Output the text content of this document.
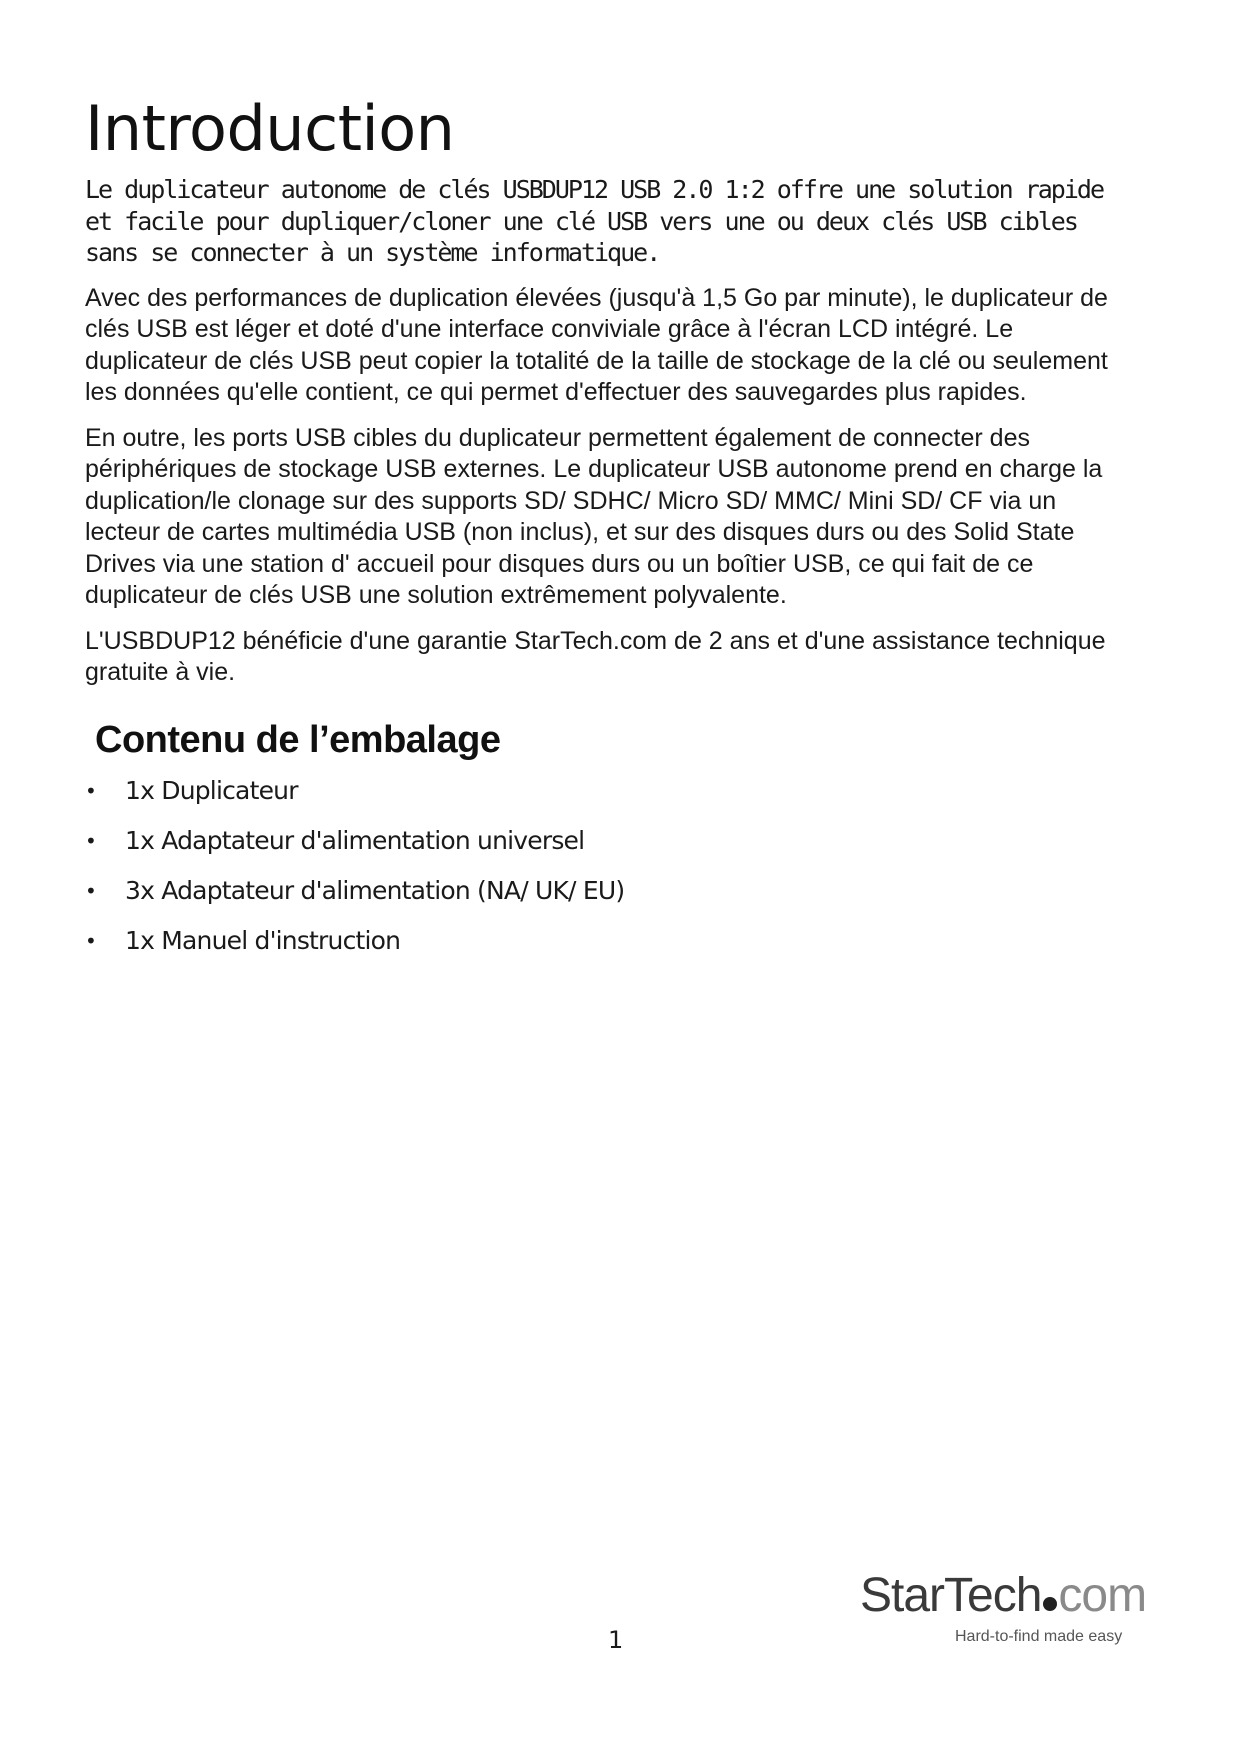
Introduction

Le duplicateur autonome de clés USBDUP12 USB 2.0 1:2 offre une solution rapide et facile pour dupliquer/cloner une clé USB vers une ou deux clés USB cibles sans se connecter à un système informatique.

Avec des performances de duplication élevées (jusqu'à 1,5 Go par minute), le duplicateur de clés USB est léger et doté d'une interface conviviale grâce à l'écran LCD intégré. Le duplicateur de clés USB peut copier la totalité de la taille de stockage de la clé ou seulement les données qu'elle contient, ce qui permet d'effectuer des sauvegardes plus rapides.

En outre, les ports USB cibles du duplicateur permettent également de connecter des périphériques de stockage USB externes. Le duplicateur USB autonome prend en charge la duplication/le clonage sur des supports SD/ SDHC/ Micro SD/ MMC/ Mini SD/ CF via un lecteur de cartes multimédia USB (non inclus), et sur des disques durs ou des Solid State Drives via une station d' accueil pour disques durs ou un boîtier USB, ce qui fait de ce duplicateur de clés USB une solution extrêmement polyvalente.

L'USBDUP12 bénéficie d'une garantie StarTech.com de 2 ans et d'une assistance technique gratuite à vie.

Contenu de l’embalage
• 1x Duplicateur
• 1x Adaptateur d'alimentation universel
• 3x Adaptateur d'alimentation (NA/ UK/ EU)
• 1x Manuel d'instruction
1
StarTech com
Hard-to-find made easy
